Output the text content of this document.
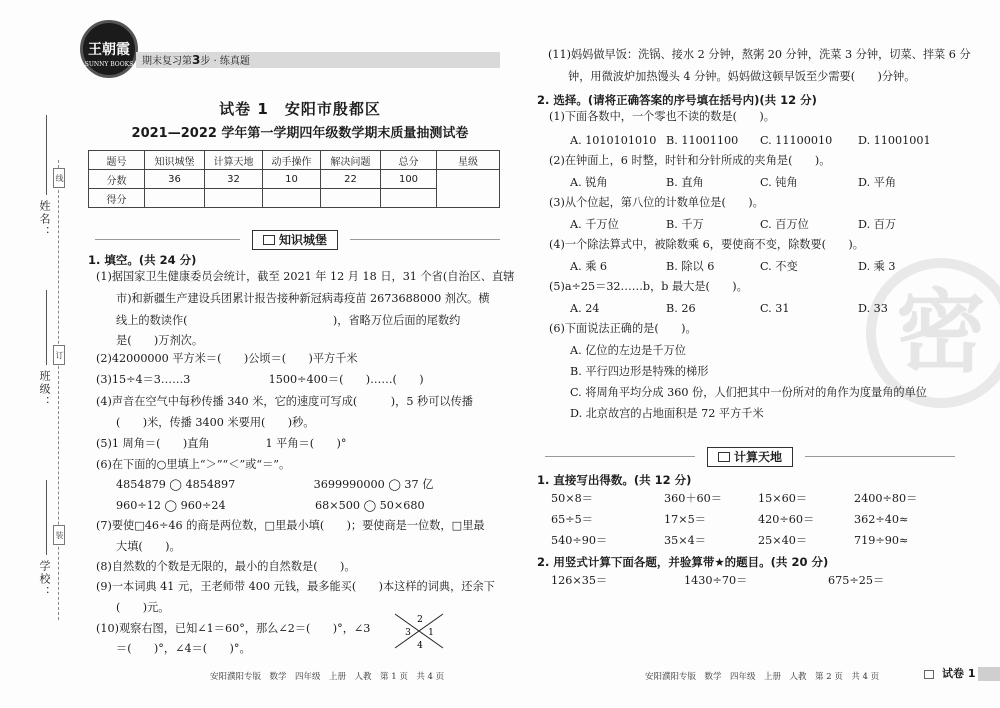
学校：
班级：
姓名：
装
订
线
王朝霞
SUNNY BOOKS 期末复习第3步 · 练真题
试卷 1　安阳市殷都区
2021—2022 学年第一学期四年级数学期末质量抽测试卷
题号	知识城堡	计算天地	动手操作	解决问题	总分	星级
分数	36	32	10	22	100	
得分						
知识城堡
1. 填空。(共 24 分)
(1)据国家卫生健康委员会统计，截至 2021 年 12 月 18 日，31 个省(自治区、直辖
市)和新疆生产建设兵团累计报告接种新冠病毒疫苗 2673688000 剂次。横
线上的数读作(　　　　　　　　　　　　　)，省略万位后面的尾数约
是(　　)万剂次。
(2)42000000 平方米＝(　　)公顷＝(　　)平方千米
(3)15÷4＝3……3　　　　　　　1500÷400＝(　　)……(　　)
(4)声音在空气中每秒传播 340 米，它的速度可写成(　　　)，5 秒可以传播
(　　)米，传播 3400 米要用(　　)秒。
(5)1 周角＝(　　)直角　　　　　1 平角＝(　　)°
(6)在下面的○里填上“＞”“＜”或“＝”。
4854879 ◯ 4854897　　　　　　　3699990000 ◯ 37 亿
960÷12 ◯ 960÷24　　　　　　　　68×500 ◯ 50×680
(7)要使□46÷46 的商是两位数，□里最小填(　　)；要使商是一位数，□里最
大填(　　)。
(8)自然数的个数是无限的，最小的自然数是(　　)。
(9)一本词典 41 元，王老师带 400 元钱，最多能买(　　)本这样的词典，还余下
(　　)元。
(10)观察右图，已知∠1＝60°，那么∠2＝(　　)°，∠3
＝(　　)°，∠4＝(　　)°。
2
3 1
4
安阳濮阳专版　数学　四年级　上册　人教　第 1 页　共 4 页
密
(11)妈妈做早饭：洗锅、接水 2 分钟，熬粥 20 分钟，洗菜 3 分钟，切菜、拌菜 6 分
钟，用微波炉加热馒头 4 分钟。妈妈做这顿早饭至少需要(　　)分钟。
2. 选择。(请将正确答案的序号填在括号内)(共 12 分)
(1)下面各数中，一个零也不读的数是(　　)。
A. 1010101010 B. 11001100 C. 11100010 D. 11001001
(2)在钟面上，6 时整，时针和分针所成的夹角是(　　)。
A. 锐角	B. 直角	C. 钝角	D. 平角
(3)从个位起，第八位的计数单位是(　　)。
A. 千万位	B. 千万	C. 百万位	D. 百万
(4)一个除法算式中，被除数乘 6，要使商不变，除数要(　　)。
A. 乘 6	B. 除以 6	C. 不变	D. 乘 3
(5)a÷25＝32……b，b 最大是(　　)。
A. 24	B. 26	C. 31	D. 33
(6)下面说法正确的是(　　)。
A. 亿位的左边是千万位
B. 平行四边形是特殊的梯形
C. 将周角平均分成 360 份，人们把其中一份所对的角作为度量角的单位
D. 北京故宫的占地面积是 72 平方千米
计算天地
1. 直接写出得数。(共 12 分)
50×8＝	360＋60＝	15×60＝	2400÷80＝
65÷5＝	17×5＝	420÷60＝	362÷40≈
540÷90＝	35×4＝	25×40＝	719÷90≈
2. 用竖式计算下面各题，并验算带★的题目。(共 20 分)
126×35＝	1430÷70＝	675÷25＝
安阳濮阳专版　数学　四年级　上册　人教　第 2 页　共 4 页	试卷 1
